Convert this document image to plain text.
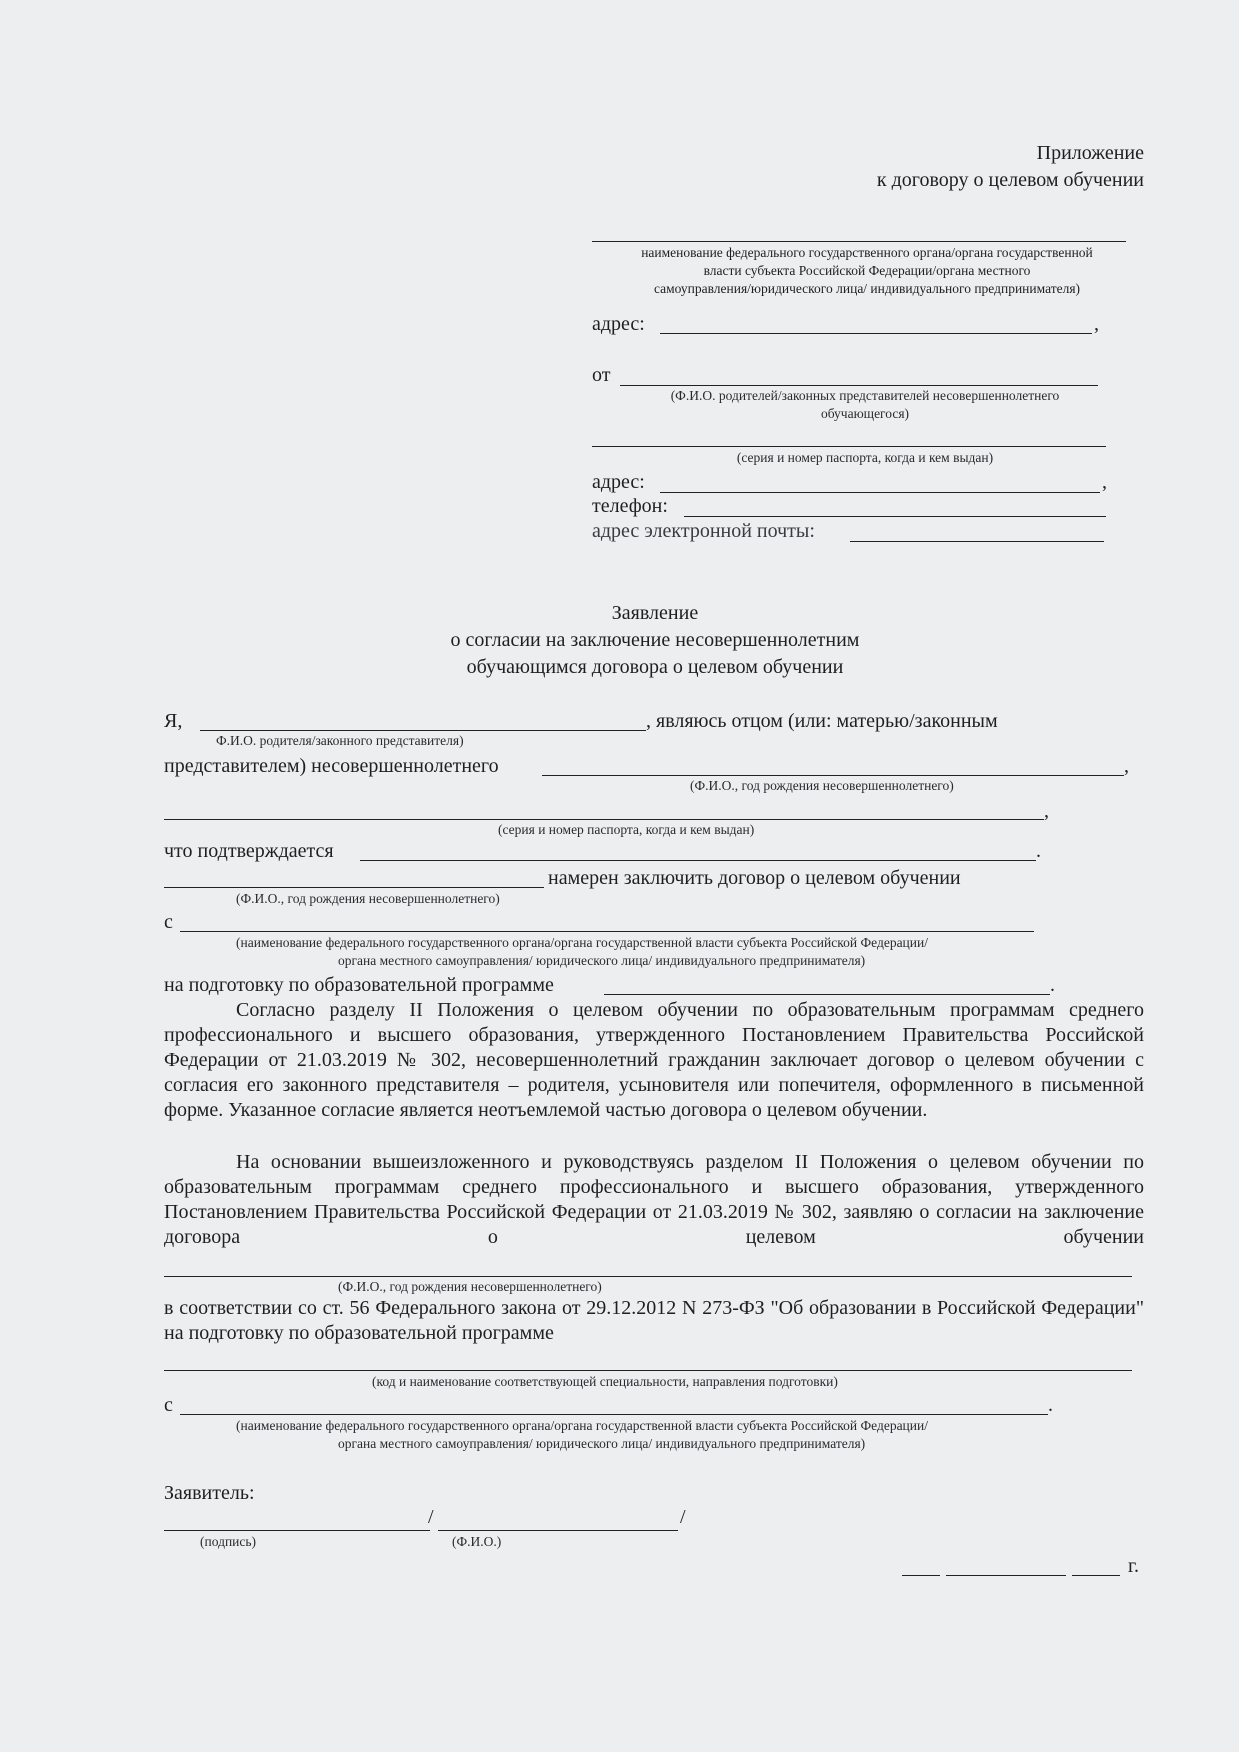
Приложение
к договору о целевом обучении
наименование федерального государственного органа/органа государственной
власти субъекта Российской Федерации/органа местного
самоуправления/юридического лица/ индивидуального предпринимателя)
адрес:	,
от
(Ф.И.О. родителей/законных представителей несовершеннолетнего
обучающегося)
(серия и номер паспорта, когда и кем выдан)
адрес:	,
телефон:
адрес электронной почты:
Заявление
о согласии на заключение несовершеннолетним
обучающимся договора о целевом обучении
Я,	, являюсь отцом (или: матерью/законным
Ф.И.О. родителя/законного представителя)
представителем) несовершеннолетнего	,
(Ф.И.О., год рождения несовершеннолетнего)
,
(серия и номер паспорта, когда и кем выдан)
что подтверждается	.
намерен заключить договор о целевом обучении
(Ф.И.О., год рождения несовершеннолетнего)
с
(наименование федерального государственного органа/органа государственной власти субъекта Российской Федерации/
органа местного самоуправления/ юридического лица/ индивидуального предпринимателя)
на подготовку по образовательной программе	.
Согласно разделу II Положения о целевом обучении по образовательным программам среднего профессионального и высшего образования, утвержденного Постановлением Правительства Российской Федерации от 21.03.2019 № 302, несовершеннолетний гражданин заключает договор о целевом обучении с согласия его законного представителя – родителя, усыновителя или попечителя, оформленного в письменной форме. Указанное согласие является неотъемлемой частью договора о целевом обучении.
На основании вышеизложенного и руководствуясь разделом II Положения о целевом обучении по образовательным программам среднего профессионального и высшего образования, утвержденного Постановлением Правительства Российской Федерации от 21.03.2019 № 302, заявляю о согласии на заключение договора о целевом обучении
(Ф.И.О., год рождения несовершеннолетнего)
в соответствии со ст. 56 Федерального закона от 29.12.2012 N 273-ФЗ "Об образовании в Российской Федерации" на подготовку по образовательной программе
(код и наименование соответствующей специальности, направления подготовки)
с	.
(наименование федерального государственного органа/органа государственной власти субъекта Российской Федерации/
органа местного самоуправления/ юридического лица/ индивидуального предпринимателя)
Заявитель:
/	/
(подпись)	(Ф.И.О.)
г.
